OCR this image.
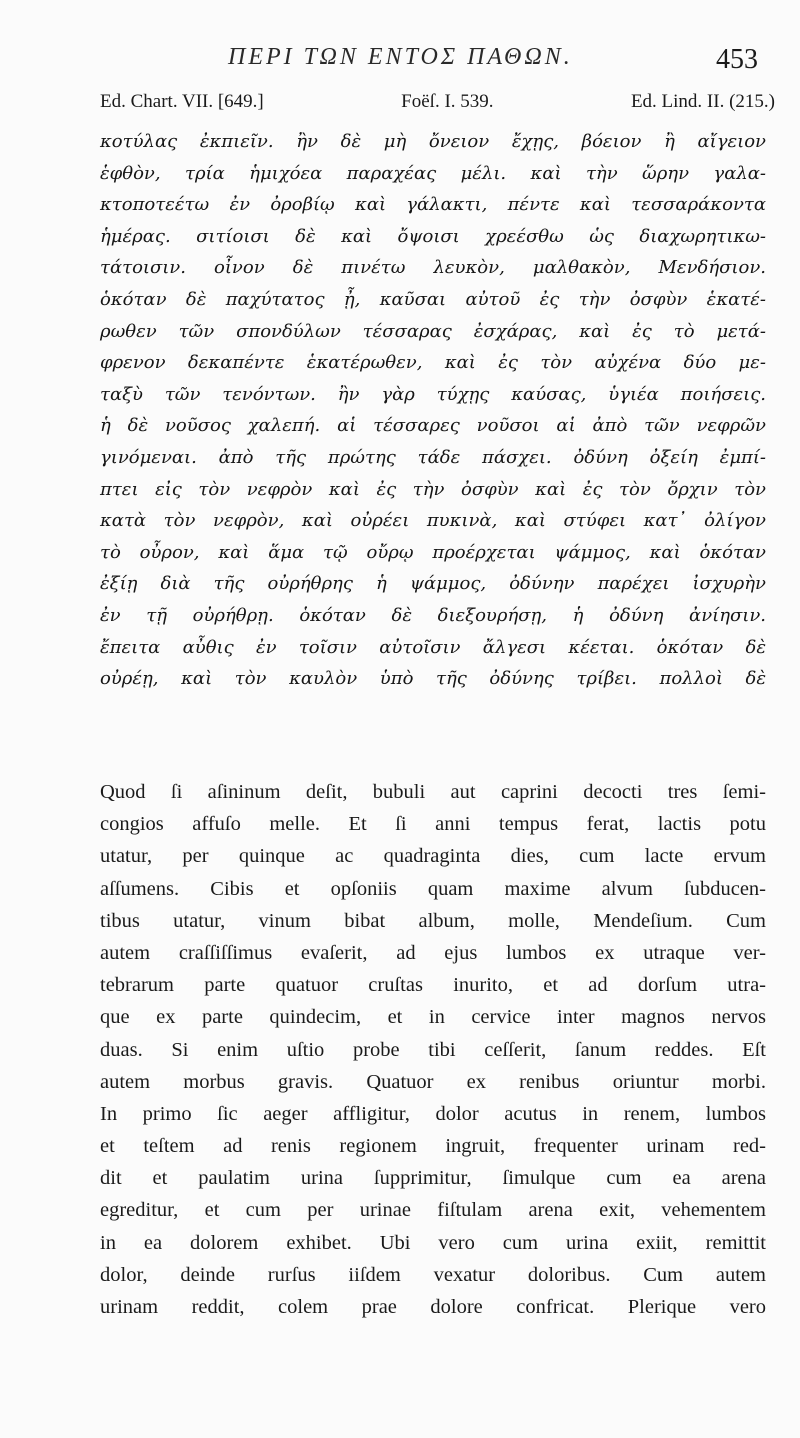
ΠΕΡΙ ΤΩΝ ΕΝΤΟΣ ΠΑΘΩΝ.	453
Ed. Chart. VII. [649.]	Foëſ. I. 539.	Ed. Lind. II. (215.)
κοτύλας ἐκπιεῖν. ἢν δὲ μὴ ὄνειον ἔχῃς, βόειον ἢ αἴγειον
ἑφθὸν, τρία ἡμιχόεα παραχέας μέλι. καὶ τὴν ὥρην γαλα-
κτοποτεέτω ἐν ὀροβίῳ καὶ γάλακτι, πέντε καὶ τεσσαράκοντα
ἡμέρας. σιτίοισι δὲ καὶ ὄψοισι χρεέσθω ὡς διαχωρητικω-
τάτοισιν. οἶνον δὲ πινέτω λευκὸν, μαλθακὸν, Μενδήσιον.
ὁκόταν δὲ παχύτατος ᾖ, καῦσαι αὐτοῦ ἐς τὴν ὀσφὺν ἑκατέ-
ρωθεν τῶν σπονδύλων τέσσαρας ἐσχάρας, καὶ ἐς τὸ μετά-
φρενον δεκαπέντε ἑκατέρωθεν, καὶ ἐς τὸν αὐχένα δύο με-
ταξὺ τῶν τενόντων. ἢν γὰρ τύχῃς καύσας, ὑγιέα ποιήσεις.
ἡ δὲ νοῦσος χαλεπή. αἱ τέσσαρες νοῦσοι αἱ ἀπὸ τῶν νεφρῶν
γινόμεναι. ἀπὸ τῆς πρώτης τάδε πάσχει. ὀδύνη ὀξείη ἐμπί-
πτει εἰς τὸν νεφρὸν καὶ ἐς τὴν ὀσφὺν καὶ ἐς τὸν ὄρχιν τὸν
κατὰ τὸν νεφρὸν, καὶ οὐρέει πυκινὰ, καὶ στύφει κατ᾽ ὀλίγον
τὸ οὖρον, καὶ ἅμα τῷ οὔρῳ προέρχεται ψάμμος, καὶ ὁκόταν
ἐξίῃ διὰ τῆς οὐρήθρης ἡ ψάμμος, ὀδύνην παρέχει ἰσχυρὴν
ἐν τῇ οὐρήθρῃ. ὁκόταν δὲ διεξουρήσῃ, ἡ ὀδύνη ἀνίησιν.
ἔπειτα αὖθις ἐν τοῖσιν αὐτοῖσιν ἄλγεσι κέεται. ὁκόταν δὲ
οὐρέῃ, καὶ τὸν καυλὸν ὑπὸ τῆς ὀδύνης τρίβει. πολλοὶ δὲ
Quod ſi aſininum deſit, bubuli aut caprini decocti tres ſemi-
congios affuſo melle. Et ſi anni tempus ferat, lactis potu
utatur, per quinque ac quadraginta dies, cum lacte ervum
aſſumens. Cibis et opſoniis quam maxime alvum ſubducen-
tibus utatur, vinum bibat album, molle, Mendeſium. Cum
autem craſſiſſimus evaſerit, ad ejus lumbos ex utraque ver-
tebrarum parte quatuor cruſtas inurito, et ad dorſum utra-
que ex parte quindecim, et in cervice inter magnos nervos
duas. Si enim uſtio probe tibi ceſſerit, ſanum reddes. Eſt
autem morbus gravis. Quatuor ex renibus oriuntur morbi.
In primo ſic aeger affligitur, dolor acutus in renem, lumbos
et teſtem ad renis regionem ingruit, frequenter urinam red-
dit et paulatim urina ſupprimitur, ſimulque cum ea arena
egreditur, et cum per urinae fiſtulam arena exit, vehementem
in ea dolorem exhibet. Ubi vero cum urina exiit, remittit
dolor, deinde rurſus iiſdem vexatur doloribus. Cum autem
urinam reddit, colem prae dolore confricat. Plerique vero
